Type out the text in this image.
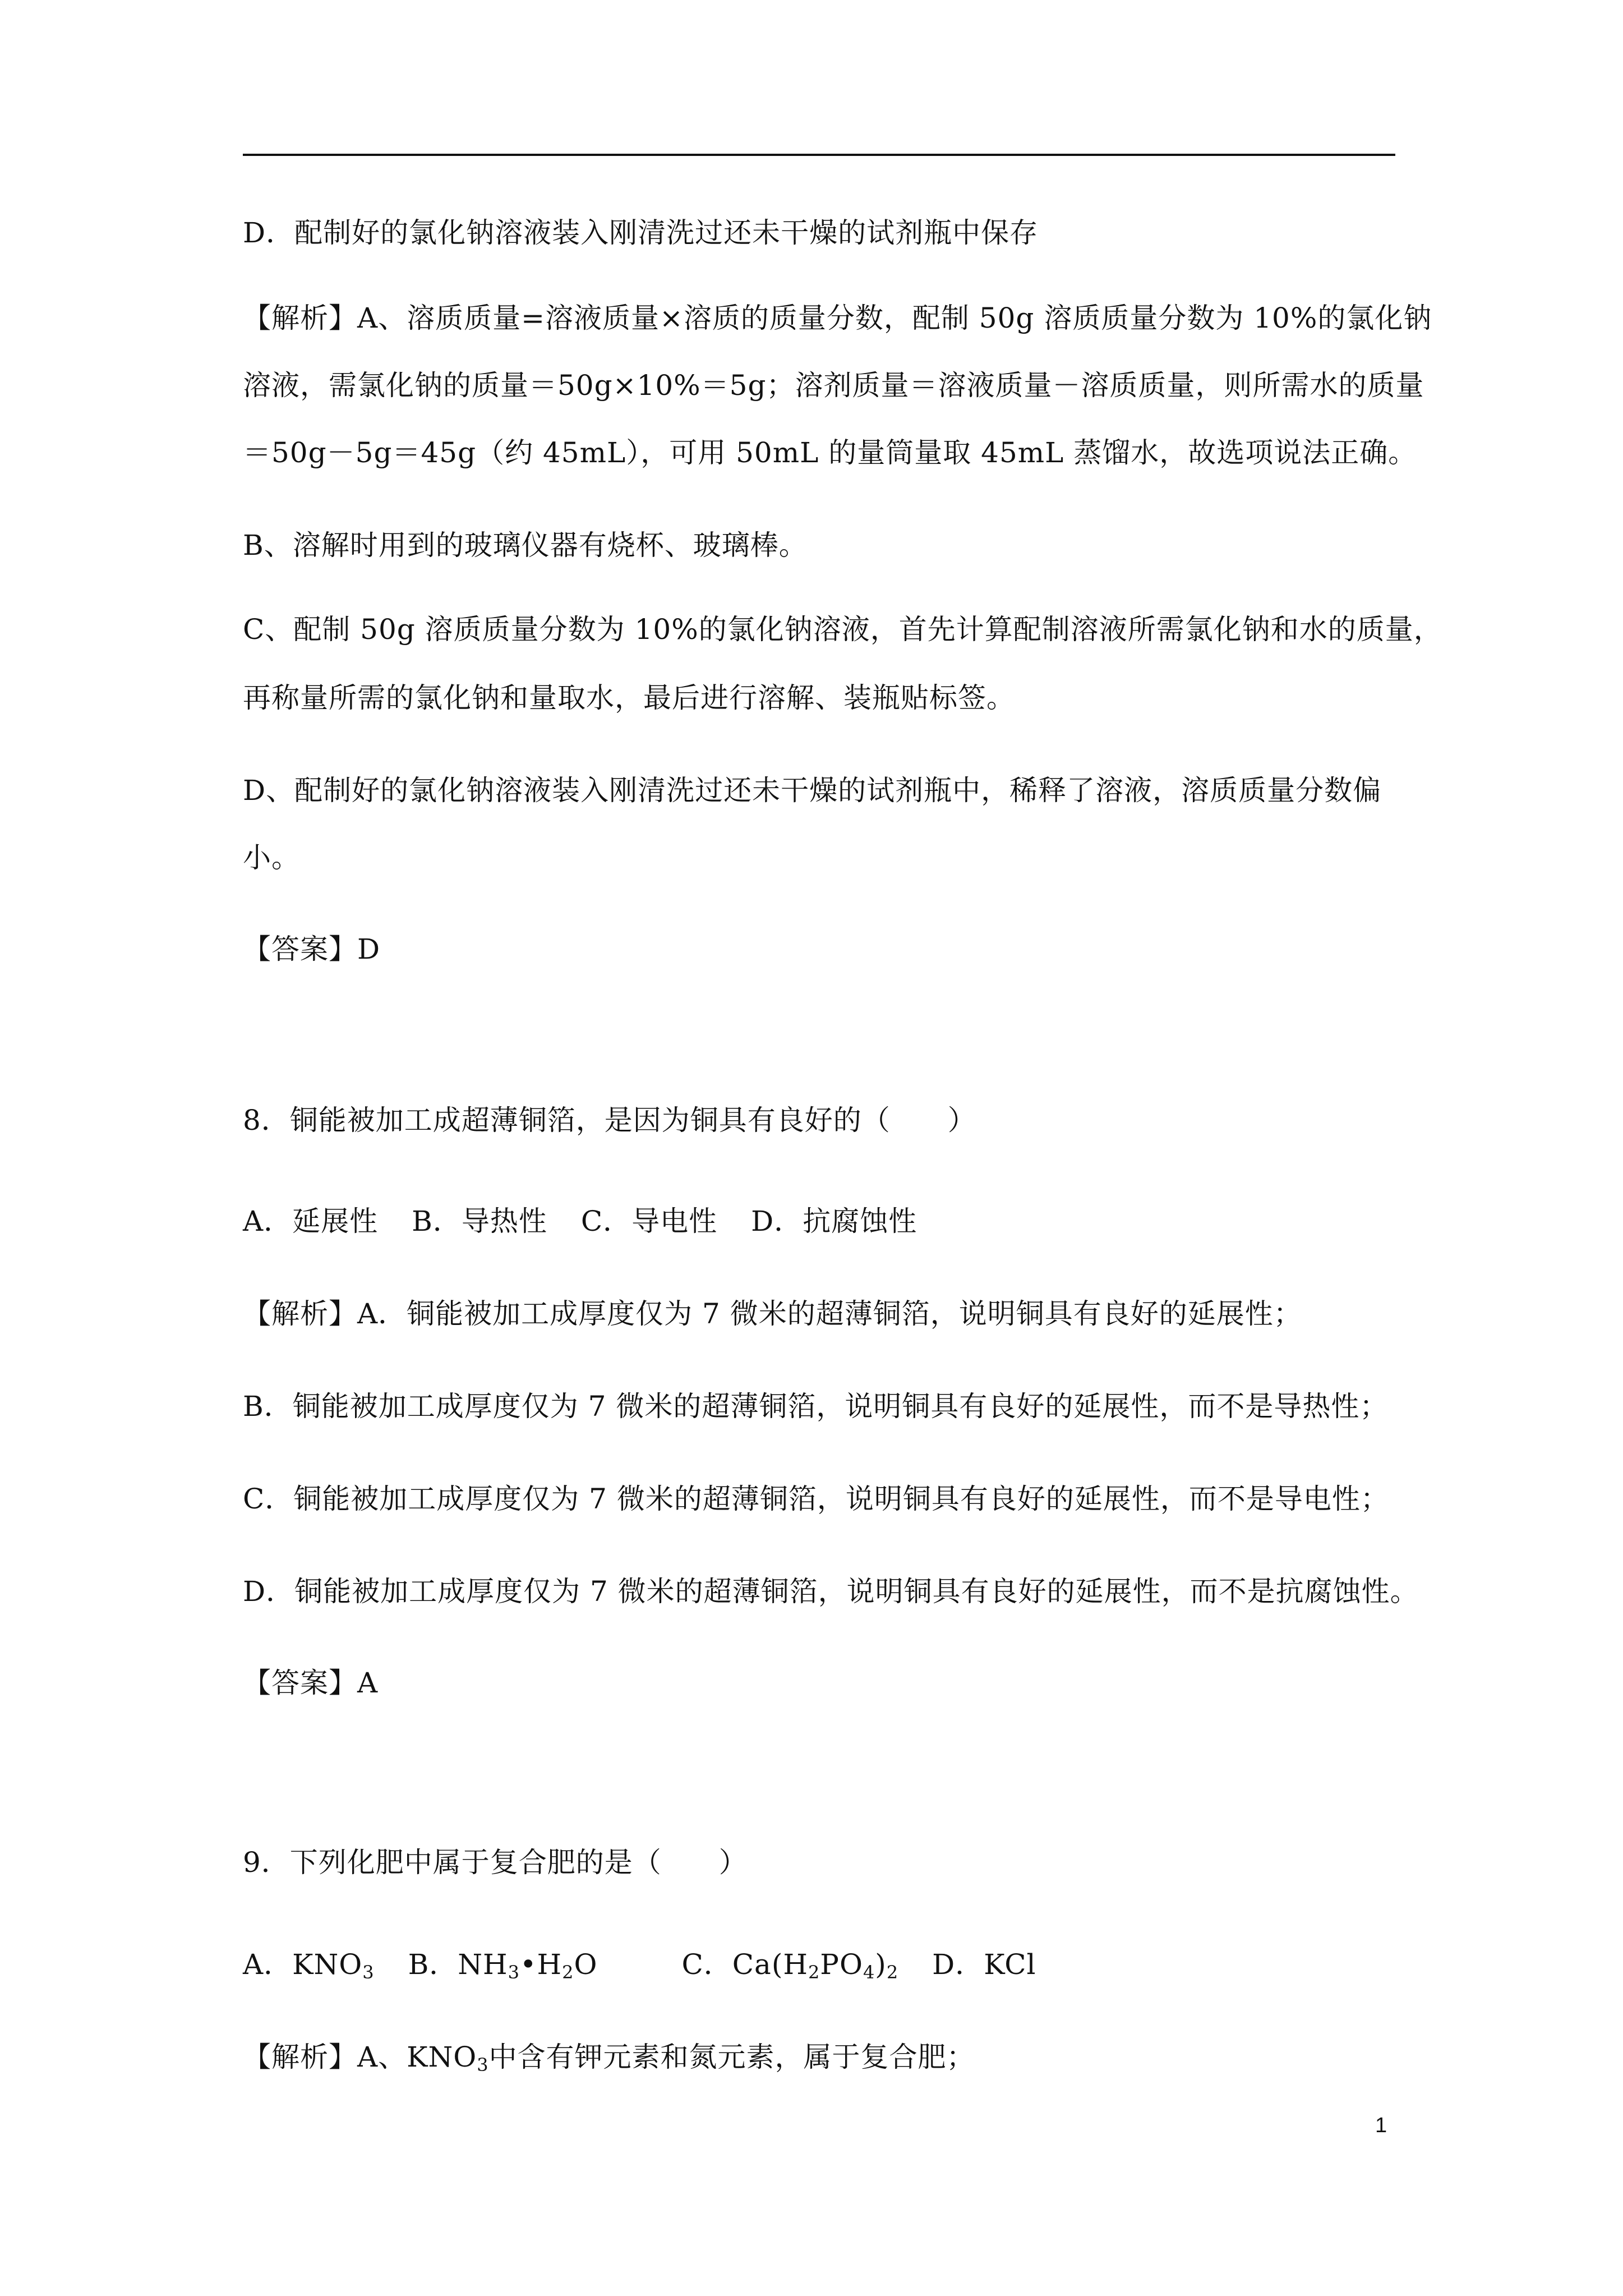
D．配制好的氯化钠溶液装入刚清洗过还未干燥的试剂瓶中保存
【解析】A、溶质质量=溶液质量×溶质的质量分数，配制 50g 溶质质量分数为 10%的氯化钠
溶液，需氯化钠的质量＝50g×10%＝5g；溶剂质量＝溶液质量－溶质质量，则所需水的质量
＝50g－5g＝45g（约 45mL），可用 50mL 的量筒量取 45mL 蒸馏水，故选项说法正确。
B、溶解时用到的玻璃仪器有烧杯、玻璃棒。
C、配制 50g 溶质质量分数为 10%的氯化钠溶液，首先计算配制溶液所需氯化钠和水的质量，
再称量所需的氯化钠和量取水，最后进行溶解、装瓶贴标签。
D、配制好的氯化钠溶液装入刚清洗过还未干燥的试剂瓶中，稀释了溶液，溶质质量分数偏
小。
【答案】D
8．铜能被加工成超薄铜箔，是因为铜具有良好的（　　）
A．延展性 B．导热性 C．导电性 D．抗腐蚀性
【解析】A．铜能被加工成厚度仅为 7 微米的超薄铜箔，说明铜具有良好的延展性；
B．铜能被加工成厚度仅为 7 微米的超薄铜箔，说明铜具有良好的延展性，而不是导热性；
C．铜能被加工成厚度仅为 7 微米的超薄铜箔，说明铜具有良好的延展性，而不是导电性；
D．铜能被加工成厚度仅为 7 微米的超薄铜箔，说明铜具有良好的延展性，而不是抗腐蚀性。
【答案】A
9．下列化肥中属于复合肥的是（　　）
A．$KNO_3$ B．$NH_3•H_2O$	C．$Ca(H_2PO_4)_2$ D．KCl
【解析】A、$KNO_3$中含有钾元素和氮元素，属于复合肥；
1
